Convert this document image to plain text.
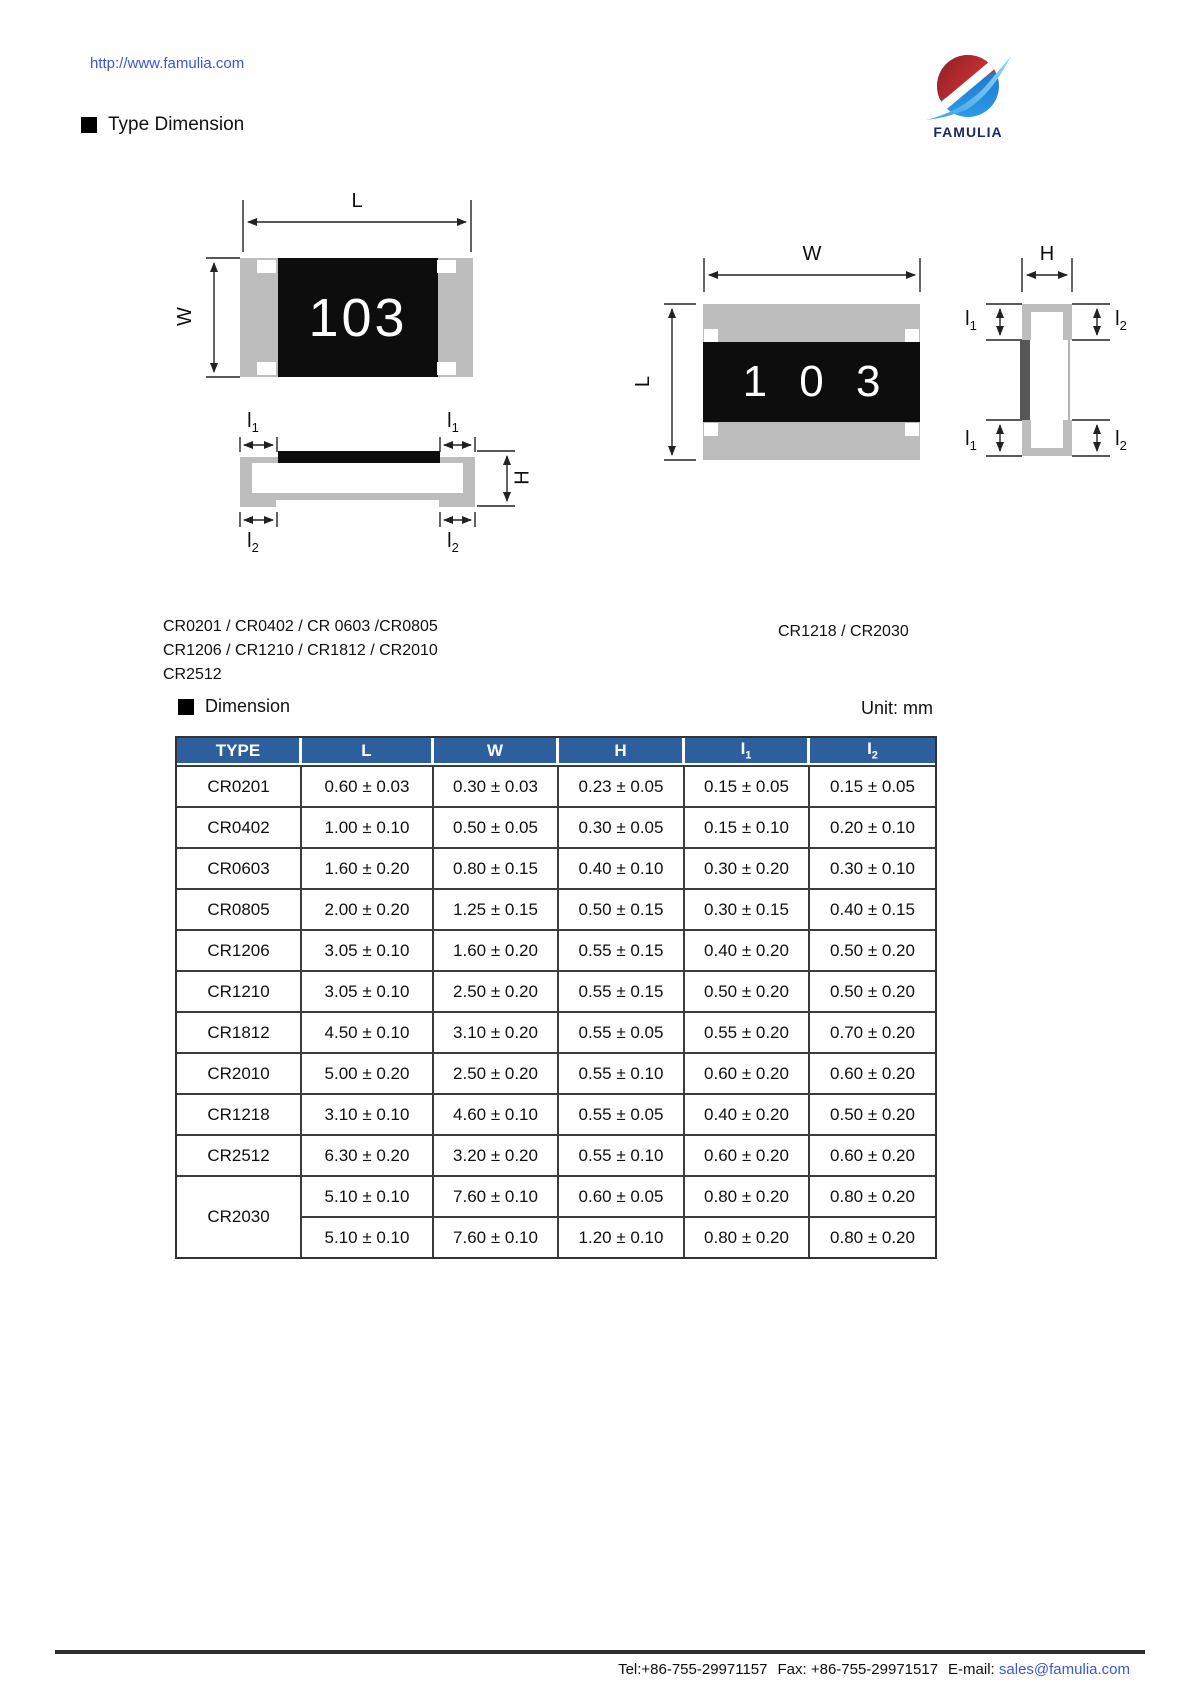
http://www.famulia.com
FAMULIA
Type Dimension
103
1 0 3
L
W
$l_1$	$l_1$
H
$l_2$	$l_2$
W
L
H
$l_1$	$l_2$
$l_1$	$l_2$
CR0201 / CR0402 / CR 0603 /CR0805
CR1206 / CR1210 / CR1812 / CR2010
CR2512
CR1218 / CR2030
Dimension	Unit: mm
TYPE	L	W	H	$I_1$	$I_2$
CR0201	0.60 ± 0.03	0.30 ± 0.03	0.23 ± 0.05	0.15 ± 0.05	0.15 ± 0.05
CR0402	1.00 ± 0.10	0.50 ± 0.05	0.30 ± 0.05	0.15 ± 0.10	0.20 ± 0.10
CR0603	1.60 ± 0.20	0.80 ± 0.15	0.40 ± 0.10	0.30 ± 0.20	0.30 ± 0.10
CR0805	2.00 ± 0.20	1.25 ± 0.15	0.50 ± 0.15	0.30 ± 0.15	0.40 ± 0.15
CR1206	3.05 ± 0.10	1.60 ± 0.20	0.55 ± 0.15	0.40 ± 0.20	0.50 ± 0.20
CR1210	3.05 ± 0.10	2.50 ± 0.20	0.55 ± 0.15	0.50 ± 0.20	0.50 ± 0.20
CR1812	4.50 ± 0.10	3.10 ± 0.20	0.55 ± 0.05	0.55 ± 0.20	0.70 ± 0.20
CR2010	5.00 ± 0.20	2.50 ± 0.20	0.55 ± 0.10	0.60 ± 0.20	0.60 ± 0.20
CR1218	3.10 ± 0.10	4.60 ± 0.10	0.55 ± 0.05	0.40 ± 0.20	0.50 ± 0.20
CR2512	6.30 ± 0.20	3.20 ± 0.20	0.55 ± 0.10	0.60 ± 0.20	0.60 ± 0.20
CR2030	5.10 ± 0.10	7.60 ± 0.10	0.60 ± 0.05	0.80 ± 0.20	0.80 ± 0.20
	5.10 ± 0.10	7.60 ± 0.10	1.20 ± 0.10	0.80 ± 0.20	0.80 ± 0.20
Tel:+86-755-29971157 Fax: +86-755-29971517 E-mail: sales@famulia.com
